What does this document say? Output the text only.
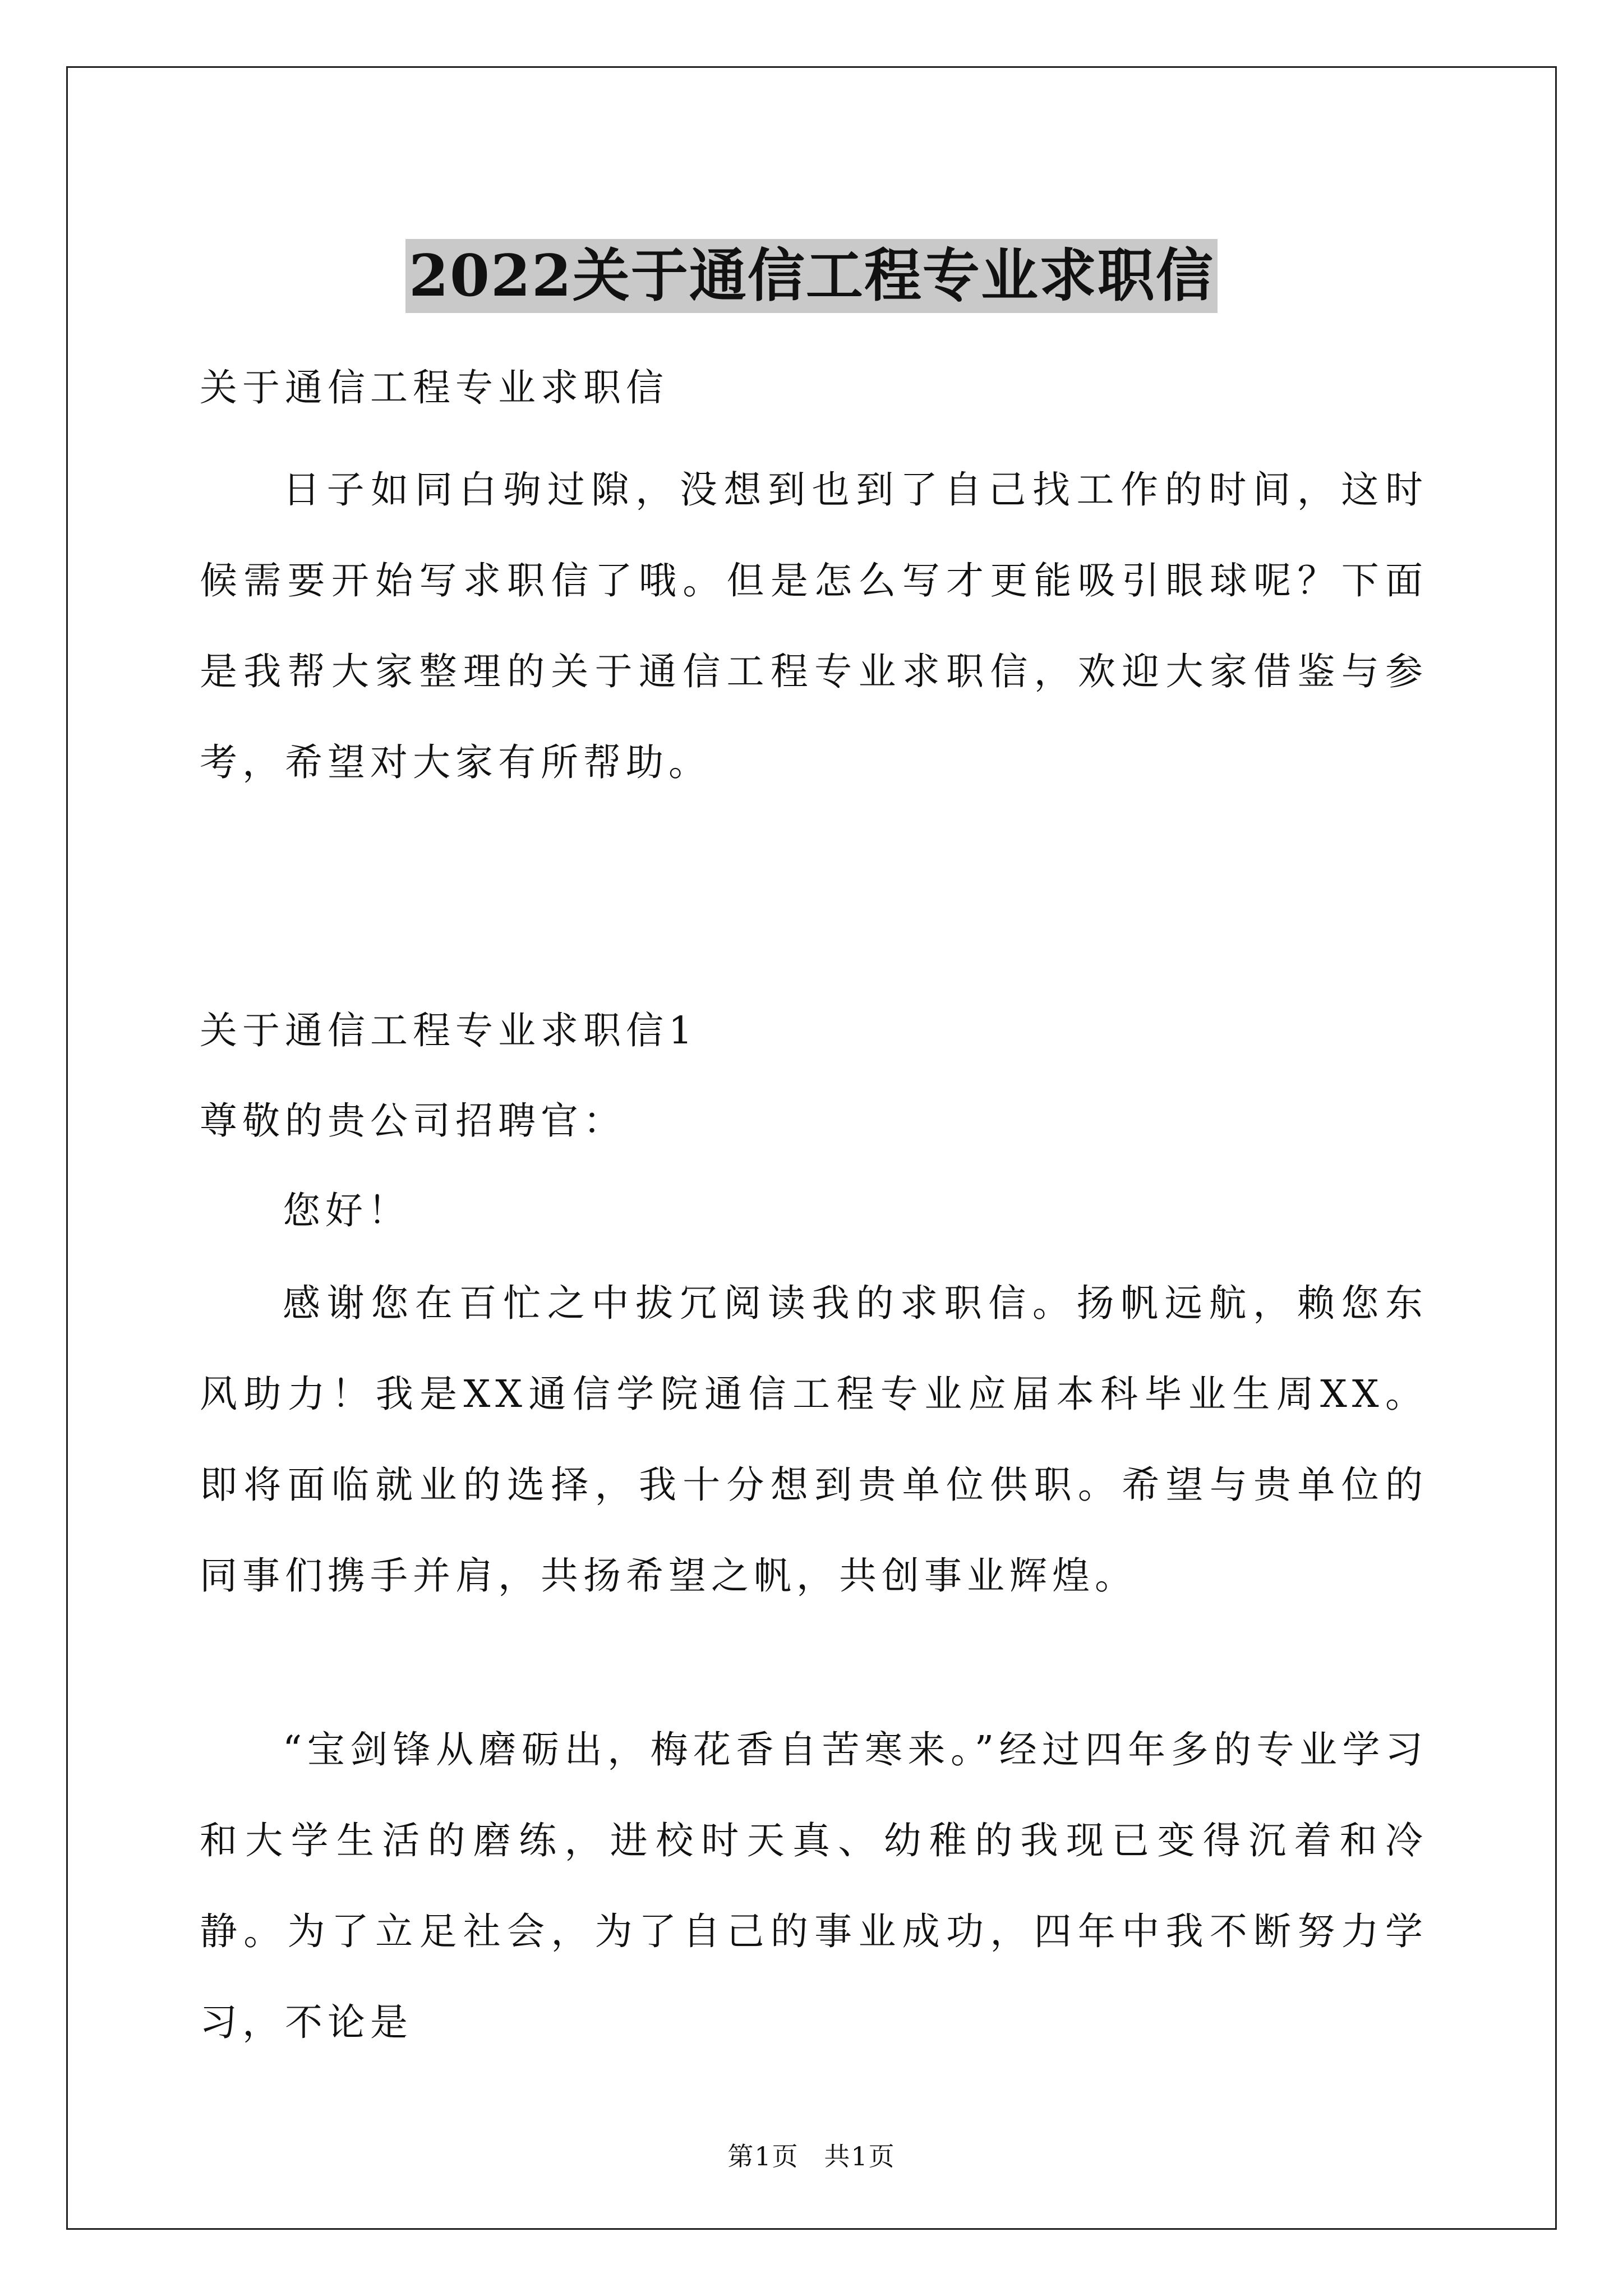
2022关于通信工程专业求职信

关于通信工程专业求职信

日子如同白驹过隙，没想到也到了自己找工作的时间，这时候需要开始写求职信了哦。但是怎么写才更能吸引眼球呢？下面是我帮大家整理的关于通信工程专业求职信，欢迎大家借鉴与参考，希望对大家有所帮助。

关于通信工程专业求职信1

尊敬的贵公司招聘官：

您好！

感谢您在百忙之中拔冗阅读我的求职信。扬帆远航，赖您东风助力！我是XX通信学院通信工程专业应届本科毕业生周XX。即将面临就业的选择，我十分想到贵单位供职。希望与贵单位的同事们携手并肩，共扬希望之帆，共创事业辉煌。

“宝剑锋从磨砺出，梅花香自苦寒来。”经过四年多的专业学习和大学生活的磨练，进校时天真、幼稚的我现已变得沉着和冷静。为了立足社会，为了自己的事业成功，四年中我不断努力学习，不论是

第1页 共1页
